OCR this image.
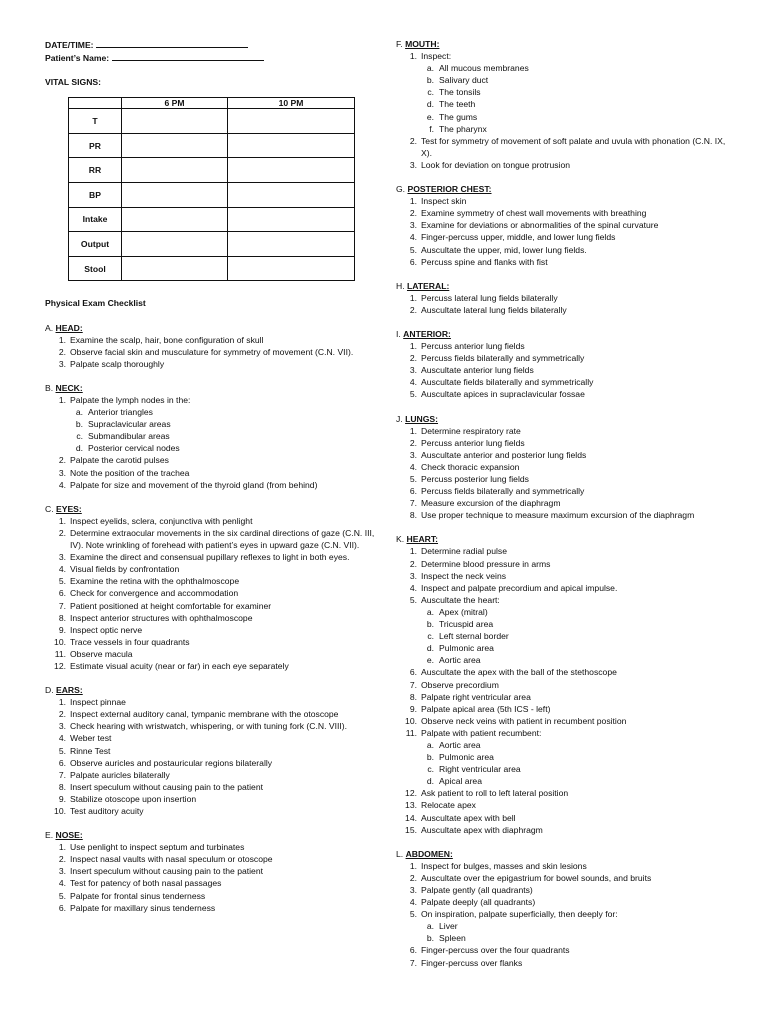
DATE/TIME:

Patient’s Name:

VITAL SIGNS:
	6 PM	10 PM
T		
PR		
RR		
BP		
Intake		
Output		
Stool		
Physical Exam Checklist
A. HEAD:
1. Examine the scalp, hair, bone configuration of skull
2. Observe facial skin and musculature for symmetry of movement (C.N. VII).
3. Palpate scalp thoroughly
B. NECK:
1. Palpate the lymph nodes in the:
a. Anterior triangles
b. Supraclavicular areas
c. Submandibular areas
d. Posterior cervical nodes
2. Palpate the carotid pulses
3. Note the position of the trachea
4. Palpate for size and movement of the thyroid gland (from behind)
C. EYES:
1. Inspect eyelids, sclera, conjunctiva with penlight
2. Determine extraocular movements in the six cardinal directions of gaze (C.N. III, IV). Note wrinkling of forehead with patient’s eyes in upward gaze (C.N. VII).
3. Examine the direct and consensual pupillary reflexes to light in both eyes.
4. Visual fields by confrontation
5. Examine the retina with the ophthalmoscope
6. Check for convergence and accommodation
7. Patient positioned at height comfortable for examiner
8. Inspect anterior structures with ophthalmoscope
9. Inspect optic nerve
10. Trace vessels in four quadrants
11. Observe macula
12. Estimate visual acuity (near or far) in each eye separately
D. EARS:
1. Inspect pinnae
2. Inspect external auditory canal, tympanic membrane with the otoscope
3. Check hearing with wristwatch, whispering, or with tuning fork (C.N. VIII).
4. Weber test
5. Rinne Test
6. Observe auricles and postauricular regions bilaterally
7. Palpate auricles bilaterally
8. Insert speculum without causing pain to the patient
9. Stabilize otoscope upon insertion
10. Test auditory acuity
E. NOSE:
1. Use penlight to inspect septum and turbinates
2. Inspect nasal vaults with nasal speculum or otoscope
3. Insert speculum without causing pain to the patient
4. Test for patency of both nasal passages
5. Palpate for frontal sinus tenderness
6. Palpate for maxillary sinus tenderness
F. MOUTH:
1. Inspect:
a. All mucous membranes
b. Salivary duct
c. The tonsils
d. The teeth
e. The gums
f. The pharynx
2. Test for symmetry of movement of soft palate and uvula with phonation (C.N. IX, X).
3. Look for deviation on tongue protrusion
G. POSTERIOR CHEST:
1. Inspect skin
2. Examine symmetry of chest wall movements with breathing
3. Examine for deviations or abnormalities of the spinal curvature
4. Finger-percuss upper, middle, and lower lung fields
5. Auscultate the upper, mid, lower lung fields.
6. Percuss spine and flanks with fist
H. LATERAL:
1. Percuss lateral lung fields bilaterally
2. Auscultate lateral lung fields bilaterally
I. ANTERIOR:
1. Percuss anterior lung fields
2. Percuss fields bilaterally and symmetrically
3. Auscultate anterior lung fields
4. Auscultate fields bilaterally and symmetrically
5. Auscultate apices in supraclavicular fossae
J. LUNGS:
1. Determine respiratory rate
2. Percuss anterior lung fields
3. Auscultate anterior and posterior lung fields
4. Check thoracic expansion
5. Percuss posterior lung fields
6. Percuss fields bilaterally and symmetrically
7. Measure excursion of the diaphragm
8. Use proper technique to measure maximum excursion of the diaphragm
K. HEART:
1. Determine radial pulse
2. Determine blood pressure in arms
3. Inspect the neck veins
4. Inspect and palpate precordium and apical impulse.
5. Auscultate the heart:
a. Apex (mitral)
b. Tricuspid area
c. Left sternal border
d. Pulmonic area
e. Aortic area
6. Auscultate the apex with the ball of the stethoscope
7. Observe precordium
8. Palpate right ventricular area
9. Palpate apical area (5th ICS - left)
10. Observe neck veins with patient in recumbent position
11. Palpate with patient recumbent:
a. Aortic area
b. Pulmonic area
c. Right ventricular area
d. Apical area
12. Ask patient to roll to left lateral position
13. Relocate apex
14. Auscultate apex with bell
15. Auscultate apex with diaphragm
L. ABDOMEN:
1. Inspect for bulges, masses and skin lesions
2. Auscultate over the epigastrium for bowel sounds, and bruits
3. Palpate gently (all quadrants)
4. Palpate deeply (all quadrants)
5. On inspiration, palpate superficially, then deeply for:
a. Liver
b. Spleen
6. Finger-percuss over the four quadrants
7. Finger-percuss over flanks
